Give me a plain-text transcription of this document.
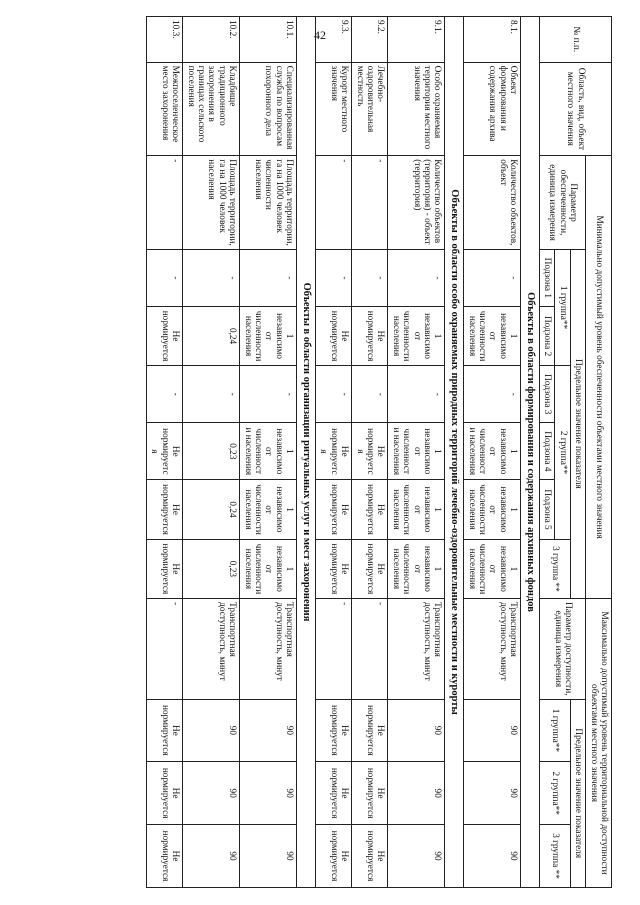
42	№ п.п.	Область, вид, объект местного значения	Минимально допустимый уровень обеспеченности объектами местного значения							Максимально допустимый уровень территориальной доступности объектами местного значения			
		Параметр обеспеченности, единица измерения	Предельное значение показателя						Параметр доступности, единица измерения	Предельное значение показателя		
			1 группа**		2 группа**			3 группа **		1 группа**	2 группа**	3 группа **
			Подзона 1	Подзона 2	Подзона 3	Подзона 4	Подзона 5					
Объекты в области формирования и содержания архивных фондов												
8.1.	Объект формирования и содержания архива	Количество объектов, объект	-	1 независимо от численности населения	-	1 независимо от численности населения	1 независимо от численности населения	1 независимо от численности населения	Транспортная доступность, минут	90	90	90
Объекты в области особо охраняемых природных территорий лечебно-оздоровительные местности и курорты												
9.1.	Особо охраняемая территория местного значения	Количество объектов (территория) - объект (территория)	-	1 независимо от численности населения	-	1 независимо от численности населения	1 независимо от численности населения	1 независимо от численности населения	Транспортная доступность, минут	90	90	90
9.2.	Лечебно-оздоровительная местность	-	-	Не нормируется	-	Не нормируется	Не нормируется	Не нормируется	-	Не нормируется	Не нормируется	Не нормируется
9.3.	Курорт местного значения	-	-	Не нормируется	-	Не нормируется	Не нормируется	Не нормируется	-	Не нормируется	Не нормируется	Не нормируется
Объекты в области организации ритуальных услуг и мест захоронения												
10.1.	Специализированная служба по вопросам похоронного дела	Площадь территории, га на 1000 человек численности населения	-	1 независимо от численности населения	-	1 независимо от численности населения	1 независимо от численности населения	1 независимо от численности населения	Транспортная доступность, минут	90	90	90
10.2.	Кладбище традиционного захоронения в границах сельского поселения	Площадь территории, га на 1000 человек населения	-	0,24	-	0,23	0,24	0,23	Транспортная доступность, минут	90	90	90
10.3.	Межпоселенческое место захоронения	-	-	Не нормируется	-	Не нормируется	Не нормируется	Не нормируется	-	Не нормируется	Не нормируется	Не нормируется
